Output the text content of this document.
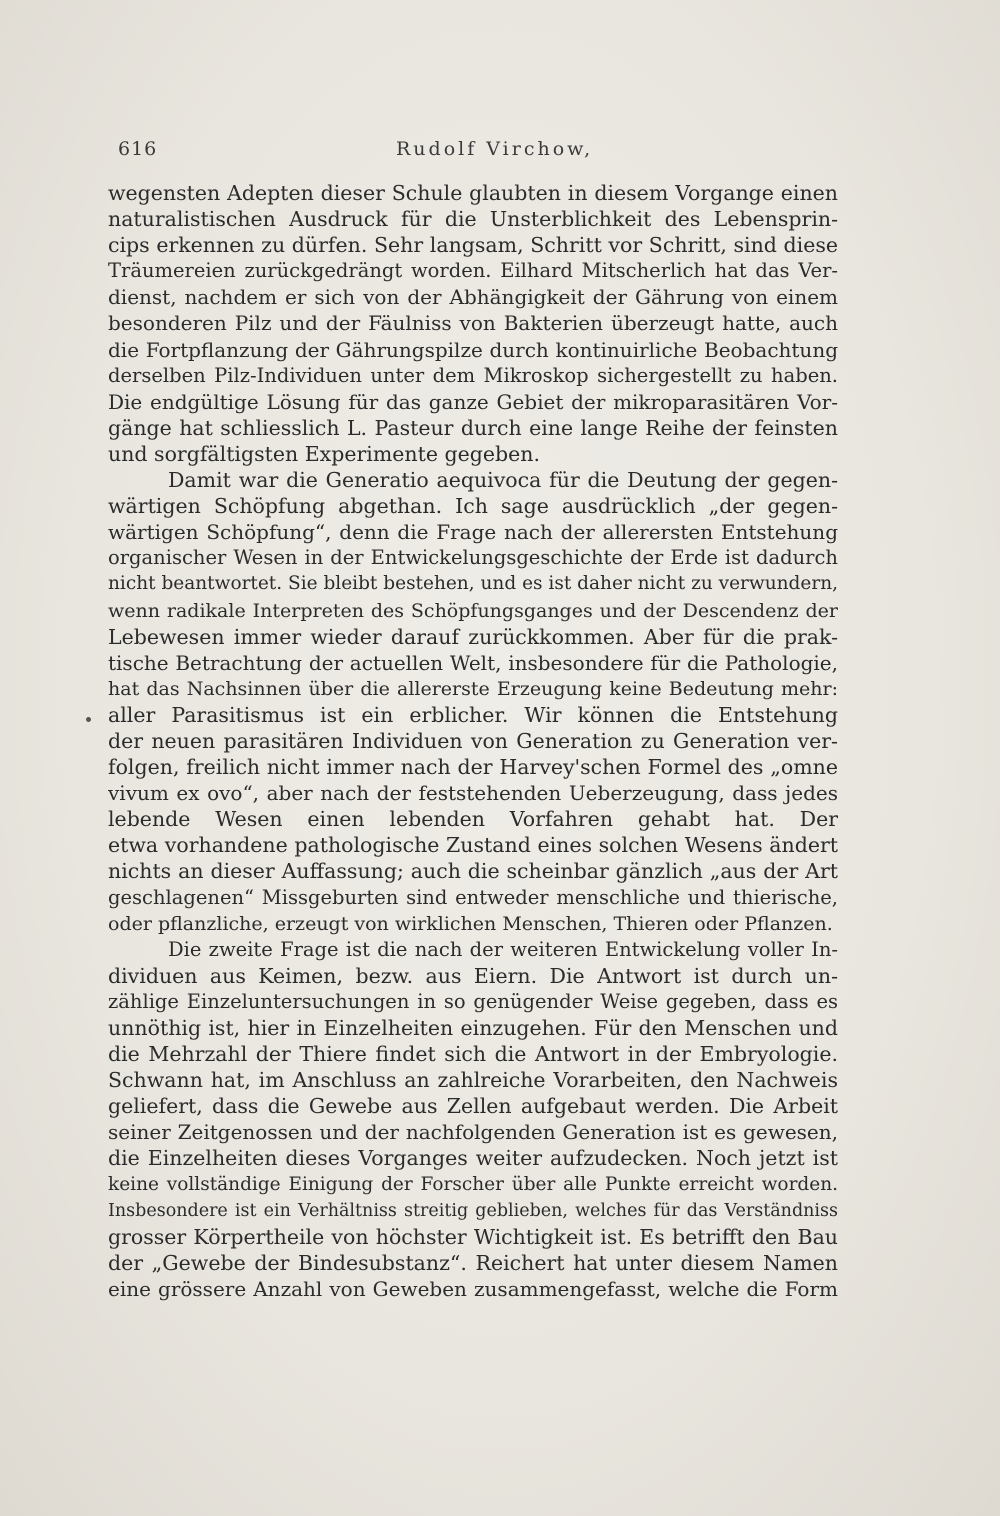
616	Rudolf Virchow,
wegensten Adepten dieser Schule glaubten in diesem Vorgange einen
naturalistischen Ausdruck für die Unsterblichkeit des Lebensprin-
cips erkennen zu dürfen. Sehr langsam, Schritt vor Schritt, sind diese
Träumereien zurückgedrängt worden. Eilhard Mitscherlich hat das Ver-
dienst, nachdem er sich von der Abhängigkeit der Gährung von einem
besonderen Pilz und der Fäulniss von Bakterien überzeugt hatte, auch
die Fortpflanzung der Gährungspilze durch kontinuirliche Beobachtung
derselben Pilz-Individuen unter dem Mikroskop sichergestellt zu haben.
Die endgültige Lösung für das ganze Gebiet der mikroparasitären Vor-
gänge hat schliesslich L. Pasteur durch eine lange Reihe der feinsten
und sorgfältigsten Experimente gegeben.
Damit war die Generatio aequivoca für die Deutung der gegen-
wärtigen Schöpfung abgethan. Ich sage ausdrücklich „der gegen-
wärtigen Schöpfung“, denn die Frage nach der allerersten Entstehung
organischer Wesen in der Entwickelungsgeschichte der Erde ist dadurch
nicht beantwortet. Sie bleibt bestehen, und es ist daher nicht zu verwundern,
wenn radikale Interpreten des Schöpfungsganges und der Descendenz der
Lebewesen immer wieder darauf zurückkommen. Aber für die prak-
tische Betrachtung der actuellen Welt, insbesondere für die Pathologie,
hat das Nachsinnen über die allererste Erzeugung keine Bedeutung mehr:
aller Parasitismus ist ein erblicher. Wir können die Entstehung
der neuen parasitären Individuen von Generation zu Generation ver-
folgen, freilich nicht immer nach der Harvey'schen Formel des „omne
vivum ex ovo“, aber nach der feststehenden Ueberzeugung, dass jedes
lebende Wesen einen lebenden Vorfahren gehabt hat. Der
etwa vorhandene pathologische Zustand eines solchen Wesens ändert
nichts an dieser Auffassung; auch die scheinbar gänzlich „aus der Art
geschlagenen“ Missgeburten sind entweder menschliche und thierische,
oder pflanzliche, erzeugt von wirklichen Menschen, Thieren oder Pflanzen.
Die zweite Frage ist die nach der weiteren Entwickelung voller In-
dividuen aus Keimen, bezw. aus Eiern. Die Antwort ist durch un-
zählige Einzeluntersuchungen in so genügender Weise gegeben, dass es
unnöthig ist, hier in Einzelheiten einzugehen. Für den Menschen und
die Mehrzahl der Thiere findet sich die Antwort in der Embryologie.
Schwann hat, im Anschluss an zahlreiche Vorarbeiten, den Nachweis
geliefert, dass die Gewebe aus Zellen aufgebaut werden. Die Arbeit
seiner Zeitgenossen und der nachfolgenden Generation ist es gewesen,
die Einzelheiten dieses Vorganges weiter aufzudecken. Noch jetzt ist
keine vollständige Einigung der Forscher über alle Punkte erreicht worden.
Insbesondere ist ein Verhältniss streitig geblieben, welches für das Verständniss
grosser Körpertheile von höchster Wichtigkeit ist. Es betrifft den Bau
der „Gewebe der Bindesubstanz“. Reichert hat unter diesem Namen
eine grössere Anzahl von Geweben zusammengefasst, welche die Form
